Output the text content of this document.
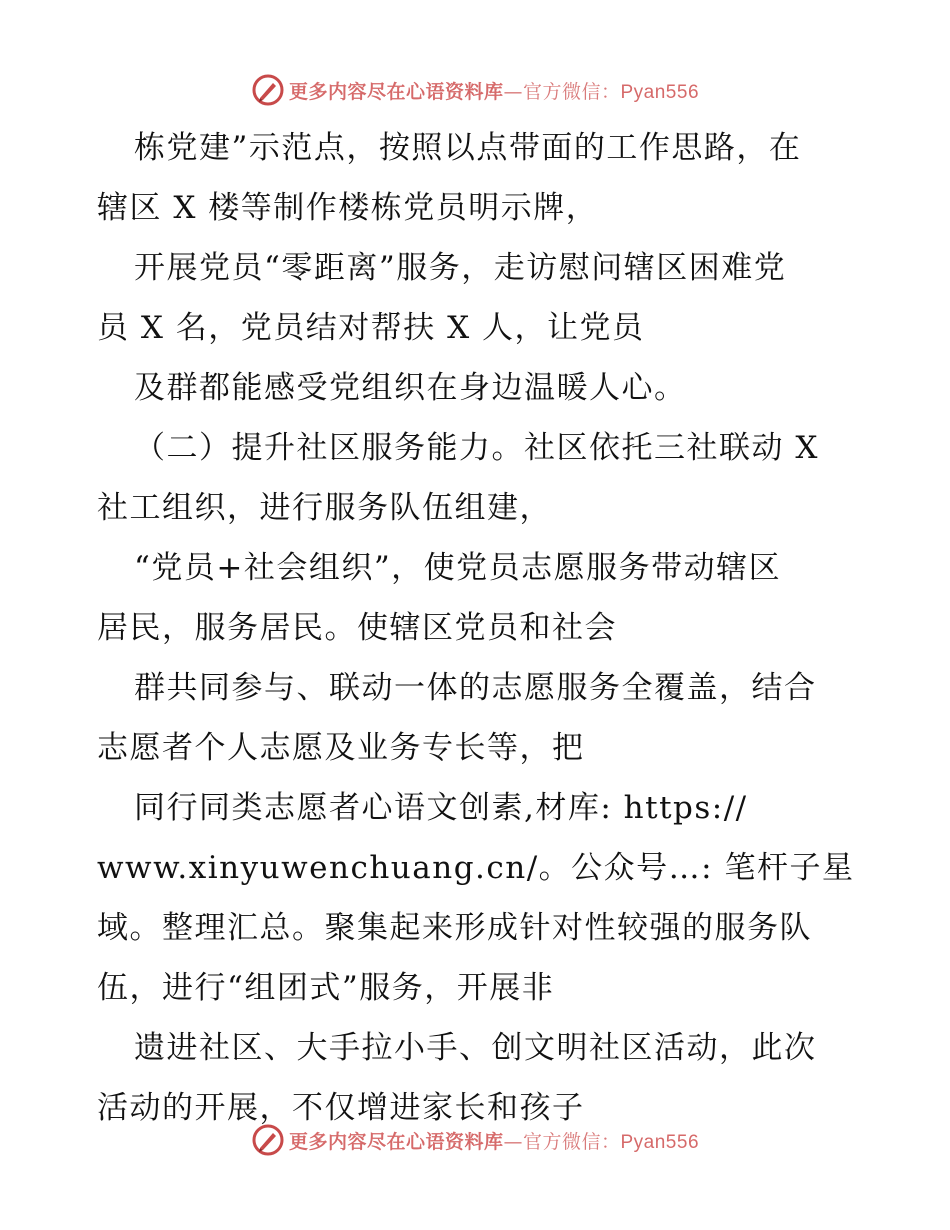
更多内容尽在心语资料库—官方微信：Pyan556
栋党建”示范点，按照以点带面的工作思路，在
辖区 X 楼等制作楼栋党员明示牌，
开展党员“零距离”服务，走访慰问辖区困难党
员 X 名，党员结对帮扶 X 人，让党员
及群都能感受党组织在身边温暖人心。
（二）提升社区服务能力。社区依托三社联动 X
社工组织，进行服务队伍组建，
“党员+社会组织”，使党员志愿服务带动辖区
居民，服务居民。使辖区党员和社会
群共同参与、联动一体的志愿服务全覆盖，结合
志愿者个人志愿及业务专长等，把
同行同类志愿者心语文创素,材库: https://
www.xinyuwenchuang.cn/。公众号…: 笔杆子星
域。整理汇总。聚集起来形成针对性较强的服务队
伍，进行“组团式”服务，开展非
遗进社区、大手拉小手、创文明社区活动，此次
活动的开展，不仅增进家长和孩子
更多内容尽在心语资料库—官方微信：Pyan556
